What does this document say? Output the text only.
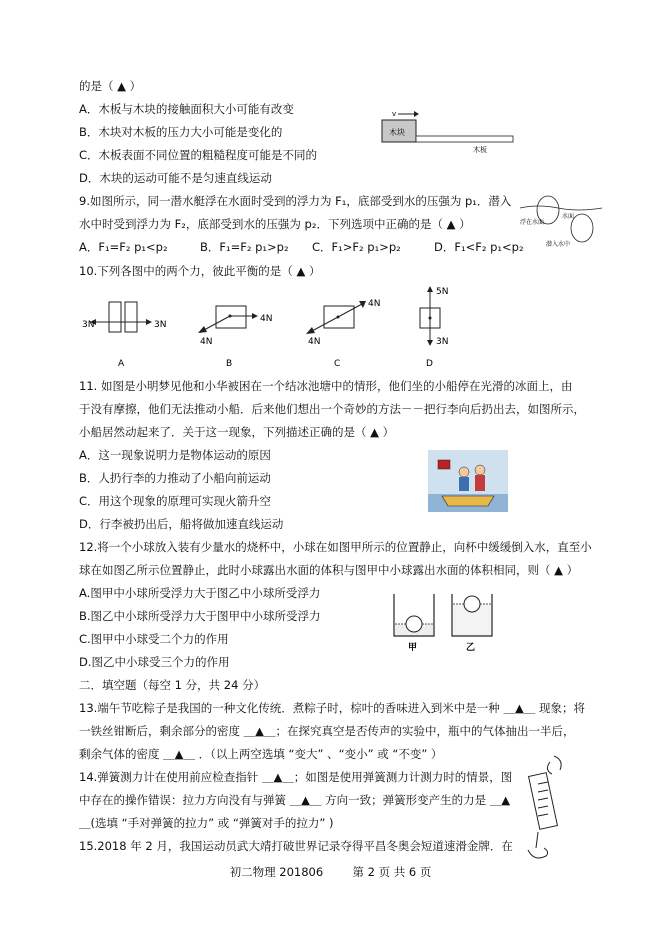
的是（ ▲ ）
A．木板与木块的接触面积大小可能有改变
B．木块对木板的压力大小可能是变化的
C．木板表面不同位置的粗糙程度可能是不同的
D．木块的运动可能不是匀速直线运动
v
木块
木板
9.如图所示，同一潜水艇浮在水面时受到的浮力为 F₁，底部受到水的压强为 p₁．潜入
水中时受到浮力为 F₂，底部受到水的压强为 p₂．下列选项中正确的是（ ▲ ）
A．F₁=F₂ p₁<p₂	B．F₁=F₂ p₁>p₂ C．F₁>F₂ p₁>p₂	D．F₁<F₂ p₁<p₂
浮在水面
水面
潜入水中
10.下列各图中的两个力，彼此平衡的是（ ▲ ）
3N	3N
A
4N
4N
B
4N
4N
C
5N
3N
D
11. 如图是小明梦见他和小华被困在一个结冰池塘中的情形，他们坐的小船停在光滑的冰面上，由
于没有摩擦，他们无法推动小船．后来他们想出一个奇妙的方法－－把行李向后扔出去，如图所示，
小船居然动起来了．关于这一现象，下列描述正确的是（ ▲ ）
A．这一现象说明力是物体运动的原因
B．人扔行李的力推动了小船向前运动
C．用这个现象的原理可实现火箭升空
D．行李被扔出后，船将做加速直线运动
12.将一个小球放入装有少量水的烧杯中，小球在如图甲所示的位置静止，向杯中缓缓倒入水，直至小
球在如图乙所示位置静止，此时小球露出水面的体积与图甲中小球露出水面的体积相同，则（ ▲ ）
A.图甲中小球所受浮力大于图乙中小球所受浮力
B.图乙中小球所受浮力大于图甲中小球所受浮力
C.图甲中小球受二个力的作用
D.图乙中小球受三个力的作用
甲	乙
二．填空题（每空 1 分，共 24 分）
13.端午节吃粽子是我国的一种文化传统．煮粽子时，棕叶的香味进入到米中是一种 ＿▲＿ 现象；将
一铁丝钳断后，剩余部分的密度 ＿▲＿；在探究真空是否传声的实验中，瓶中的气体抽出一半后，
剩余气体的密度 ＿▲＿ ．（以上两空选填 “变大” 、“变小” 或 “不变” ）
14.弹簧测力计在使用前应检查指针 ＿▲＿；如图是使用弹簧测力计测力时的情景，图
中存在的操作错误：拉力方向没有与弹簧 ＿▲＿ 方向一致；弹簧形变产生的力是 ＿▲
＿(选填 “手对弹簧的拉力” 或 “弹簧对手的拉力” )
15.2018 年 2 月，我国运动员武大靖打破世界记录夺得平昌冬奥会短道速滑金牌．在
初二物理 201806	第 2 页 共 6 页
